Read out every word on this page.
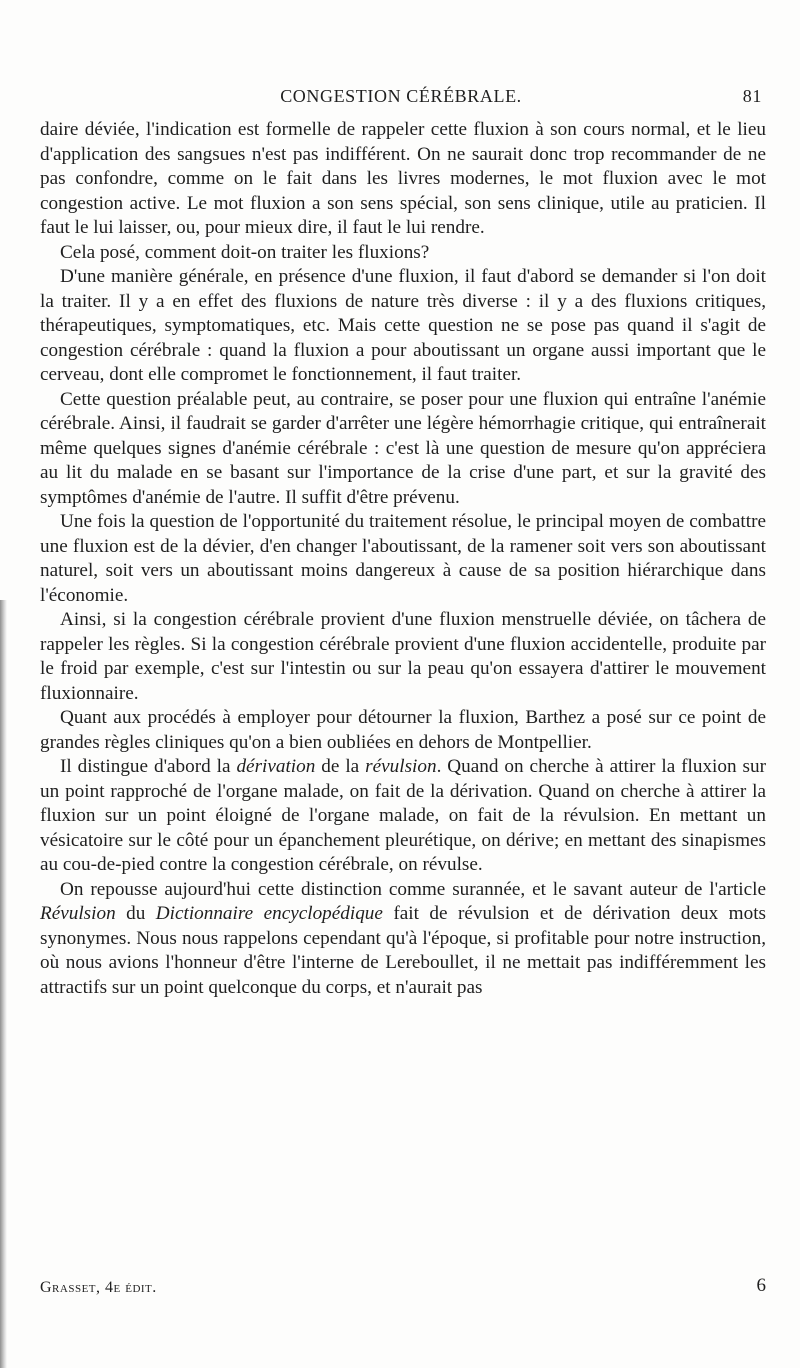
CONGESTION CÉRÉBRALE.	81

daire déviée, l'indication est formelle de rappeler cette fluxion à son cours normal, et le lieu d'application des sangsues n'est pas indifférent. On ne saurait donc trop recommander de ne pas confondre, comme on le fait dans les livres modernes, le mot fluxion avec le mot congestion active. Le mot fluxion a son sens spécial, son sens clinique, utile au praticien. Il faut le lui laisser, ou, pour mieux dire, il faut le lui rendre.

Cela posé, comment doit-on traiter les fluxions?

D'une manière générale, en présence d'une fluxion, il faut d'abord se demander si l'on doit la traiter. Il y a en effet des fluxions de nature très diverse : il y a des fluxions critiques, thérapeutiques, symptomatiques, etc. Mais cette question ne se pose pas quand il s'agit de congestion cérébrale : quand la fluxion a pour aboutissant un organe aussi important que le cerveau, dont elle compromet le fonctionnement, il faut traiter.

Cette question préalable peut, au contraire, se poser pour une fluxion qui entraîne l'anémie cérébrale. Ainsi, il faudrait se garder d'arrêter une légère hémorrhagie critique, qui entraînerait même quelques signes d'anémie cérébrale : c'est là une question de mesure qu'on appréciera au lit du malade en se basant sur l'importance de la crise d'une part, et sur la gravité des symptômes d'anémie de l'autre. Il suffit d'être prévenu.

Une fois la question de l'opportunité du traitement résolue, le principal moyen de combattre une fluxion est de la dévier, d'en changer l'aboutissant, de la ramener soit vers son aboutissant naturel, soit vers un aboutissant moins dangereux à cause de sa position hiérarchique dans l'économie.

Ainsi, si la congestion cérébrale provient d'une fluxion menstruelle déviée, on tâchera de rappeler les règles. Si la congestion cérébrale provient d'une fluxion accidentelle, produite par le froid par exemple, c'est sur l'intestin ou sur la peau qu'on essayera d'attirer le mouvement fluxionnaire.

Quant aux procédés à employer pour détourner la fluxion, Barthez a posé sur ce point de grandes règles cliniques qu'on a bien oubliées en dehors de Montpellier.

Il distingue d'abord la dérivation de la révulsion. Quand on cherche à attirer la fluxion sur un point rapproché de l'organe malade, on fait de la dérivation. Quand on cherche à attirer la fluxion sur un point éloigné de l'organe malade, on fait de la révulsion. En mettant un vésicatoire sur le côté pour un épanchement pleurétique, on dérive; en mettant des sinapismes au cou-de-pied contre la congestion cérébrale, on révulse.

On repousse aujourd'hui cette distinction comme surannée, et le savant auteur de l'article Révulsion du Dictionnaire encyclopédique fait de révulsion et de dérivation deux mots synonymes. Nous nous rappelons cependant qu'à l'époque, si profitable pour notre instruction, où nous avions l'honneur d'être l'interne de Lereboullet, il ne mettait pas indifféremment les attractifs sur un point quelconque du corps, et n'aurait pas

Grasset, 4e édit.	6
